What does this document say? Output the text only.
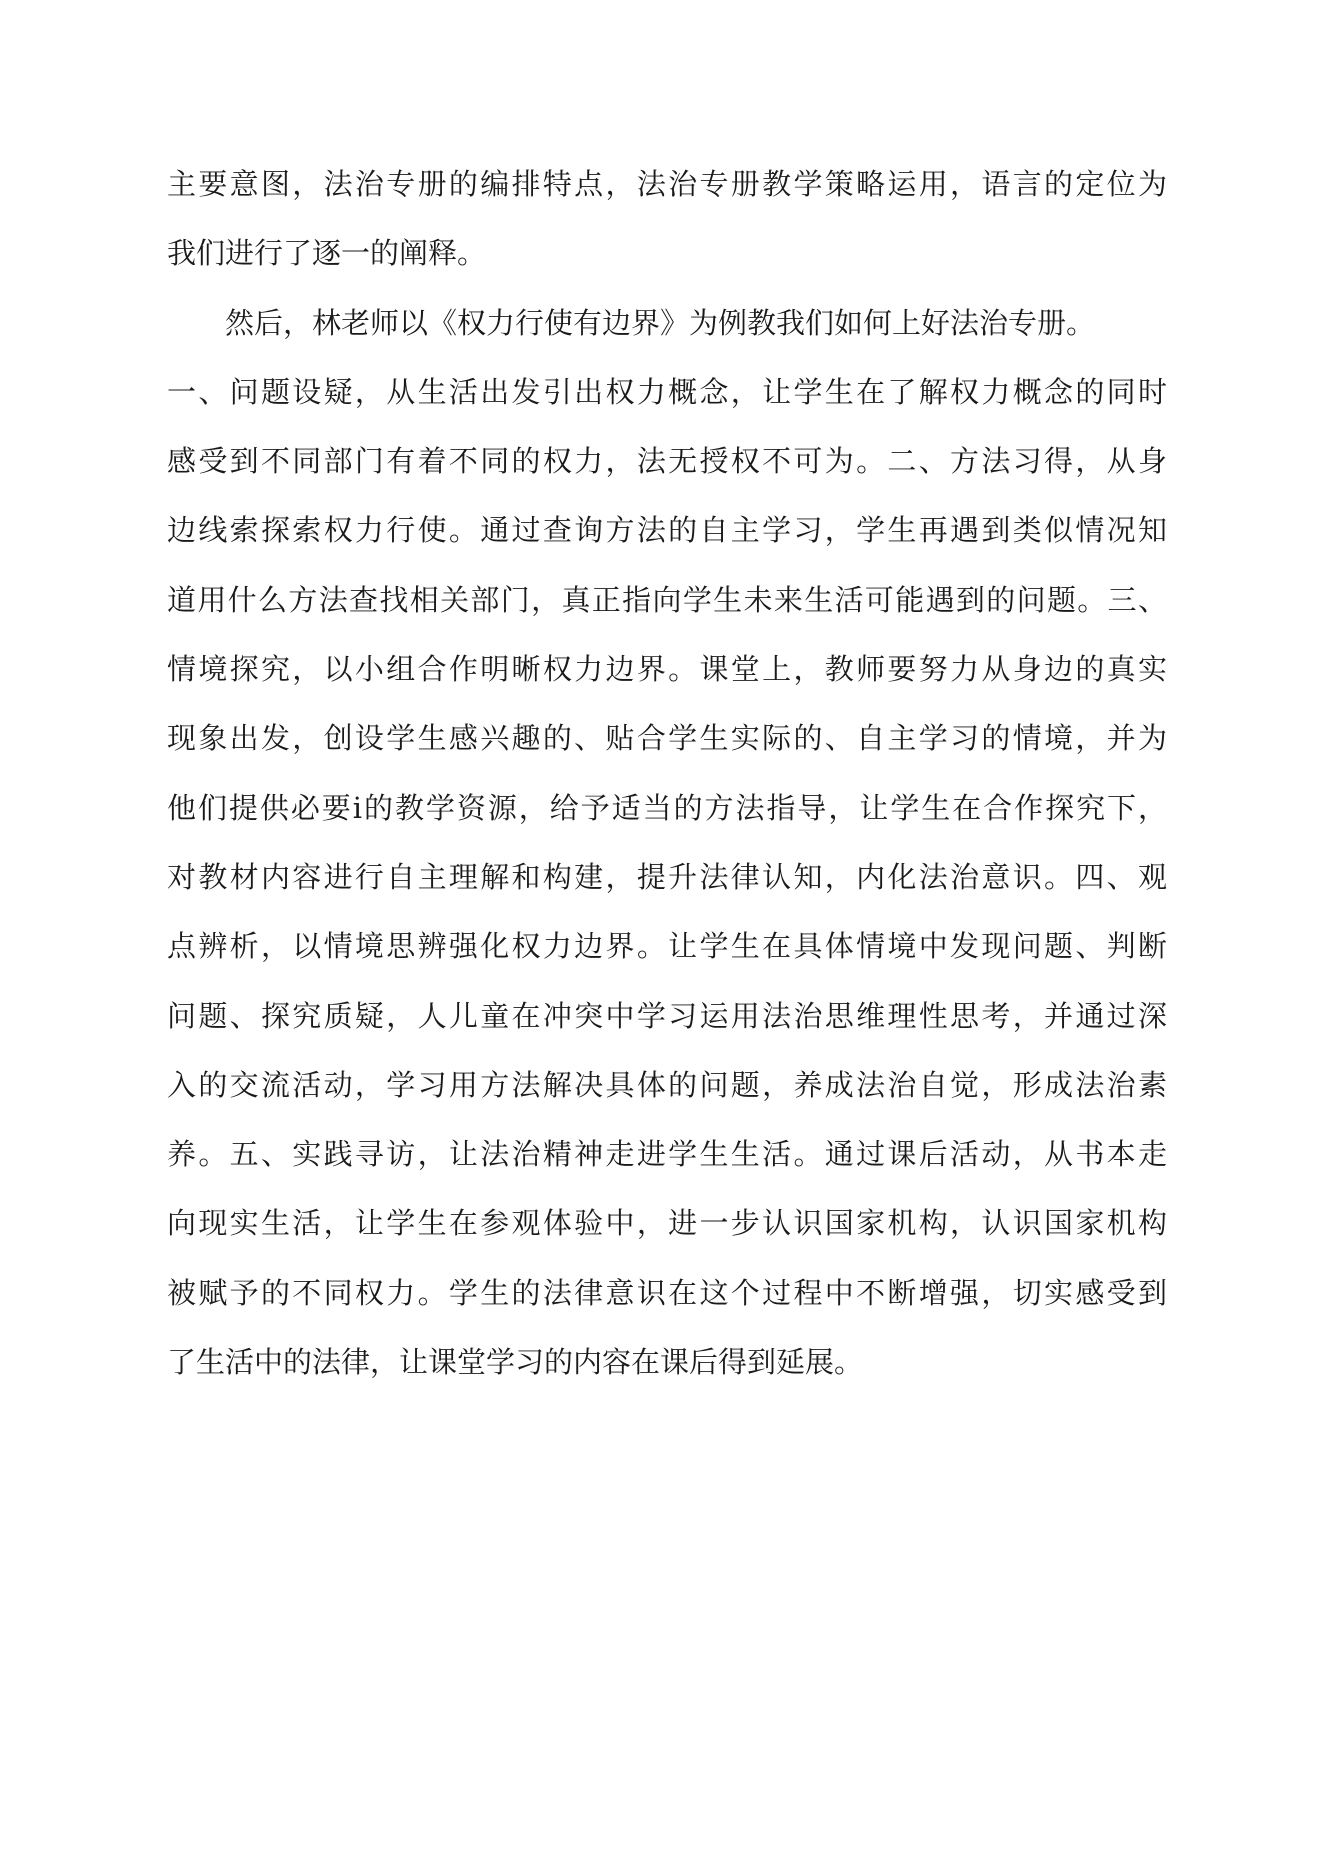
主要意图，法治专册的编排特点，法治专册教学策略运用，语言的定位为
我们进行了逐一的阐释。
然后，林老师以《权力行使有边界》为例教我们如何上好法治专册。
一、问题设疑，从生活出发引出权力概念，让学生在了解权力概念的同时
感受到不同部门有着不同的权力，法无授权不可为。二、方法习得，从身
边线索探索权力行使。通过查询方法的自主学习，学生再遇到类似情况知
道用什么方法查找相关部门，真正指向学生未来生活可能遇到的问题。三、
情境探究，以小组合作明晰权力边界。课堂上，教师要努力从身边的真实
现象出发，创设学生感兴趣的、贴合学生实际的、自主学习的情境，并为
他们提供必要i的教学资源，给予适当的方法指导，让学生在合作探究下，
对教材内容进行自主理解和构建，提升法律认知，内化法治意识。四、观
点辨析，以情境思辨强化权力边界。让学生在具体情境中发现问题、判断
问题、探究质疑，人儿童在冲突中学习运用法治思维理性思考，并通过深
入的交流活动，学习用方法解决具体的问题，养成法治自觉，形成法治素
养。五、实践寻访，让法治精神走进学生生活。通过课后活动，从书本走
向现实生活，让学生在参观体验中，进一步认识国家机构，认识国家机构
被赋予的不同权力。学生的法律意识在这个过程中不断增强，切实感受到
了生活中的法律，让课堂学习的内容在课后得到延展。
